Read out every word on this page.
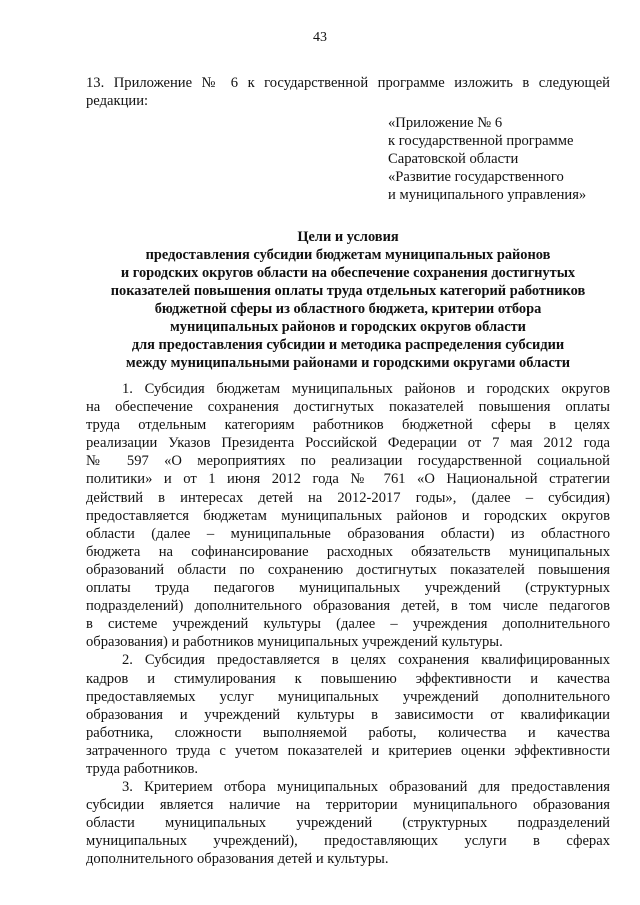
43
13. Приложение № 6 к государственной программе изложить в следующей
редакции:
«Приложение № 6
к государственной программе
Саратовской области
«Развитие государственного
и муниципального управления»
Цели и условия
предоставления субсидии бюджетам муниципальных районов
и городских округов области на обеспечение сохранения достигнутых
показателей повышения оплаты труда отдельных категорий работников
бюджетной сферы из областного бюджета, критерии отбора
муниципальных районов и городских округов области
для предоставления субсидии и методика распределения субсидии
между муниципальными районами и городскими округами области
1. Субсидия бюджетам муниципальных районов и городских округов
на обеспечение сохранения достигнутых показателей повышения оплаты
труда отдельным категориям работников бюджетной сферы в целях
реализации Указов Президента Российской Федерации от 7 мая 2012 года
№ 597 «О мероприятиях по реализации государственной социальной
политики» и от 1 июня 2012 года № 761 «О Национальной стратегии
действий в интересах детей на 2012-2017 годы», (далее – субсидия)
предоставляется бюджетам муниципальных районов и городских округов
области (далее – муниципальные образования области) из областного
бюджета на софинансирование расходных обязательств муниципальных
образований области по сохранению достигнутых показателей повышения
оплаты труда педагогов муниципальных учреждений (структурных
подразделений) дополнительного образования детей, в том числе педагогов
в системе учреждений культуры (далее – учреждения дополнительного
образования) и работников муниципальных учреждений культуры.
2. Субсидия предоставляется в целях сохранения квалифицированных
кадров и стимулирования к повышению эффективности и качества
предоставляемых услуг муниципальных учреждений дополнительного
образования и учреждений культуры в зависимости от квалификации
работника, сложности выполняемой работы, количества и качества
затраченного труда с учетом показателей и критериев оценки эффективности
труда работников.
3. Критерием отбора муниципальных образований для предоставления
субсидии является наличие на территории муниципального образования
области муниципальных учреждений (структурных подразделений
муниципальных учреждений), предоставляющих услуги в сферах
дополнительного образования детей и культуры.
